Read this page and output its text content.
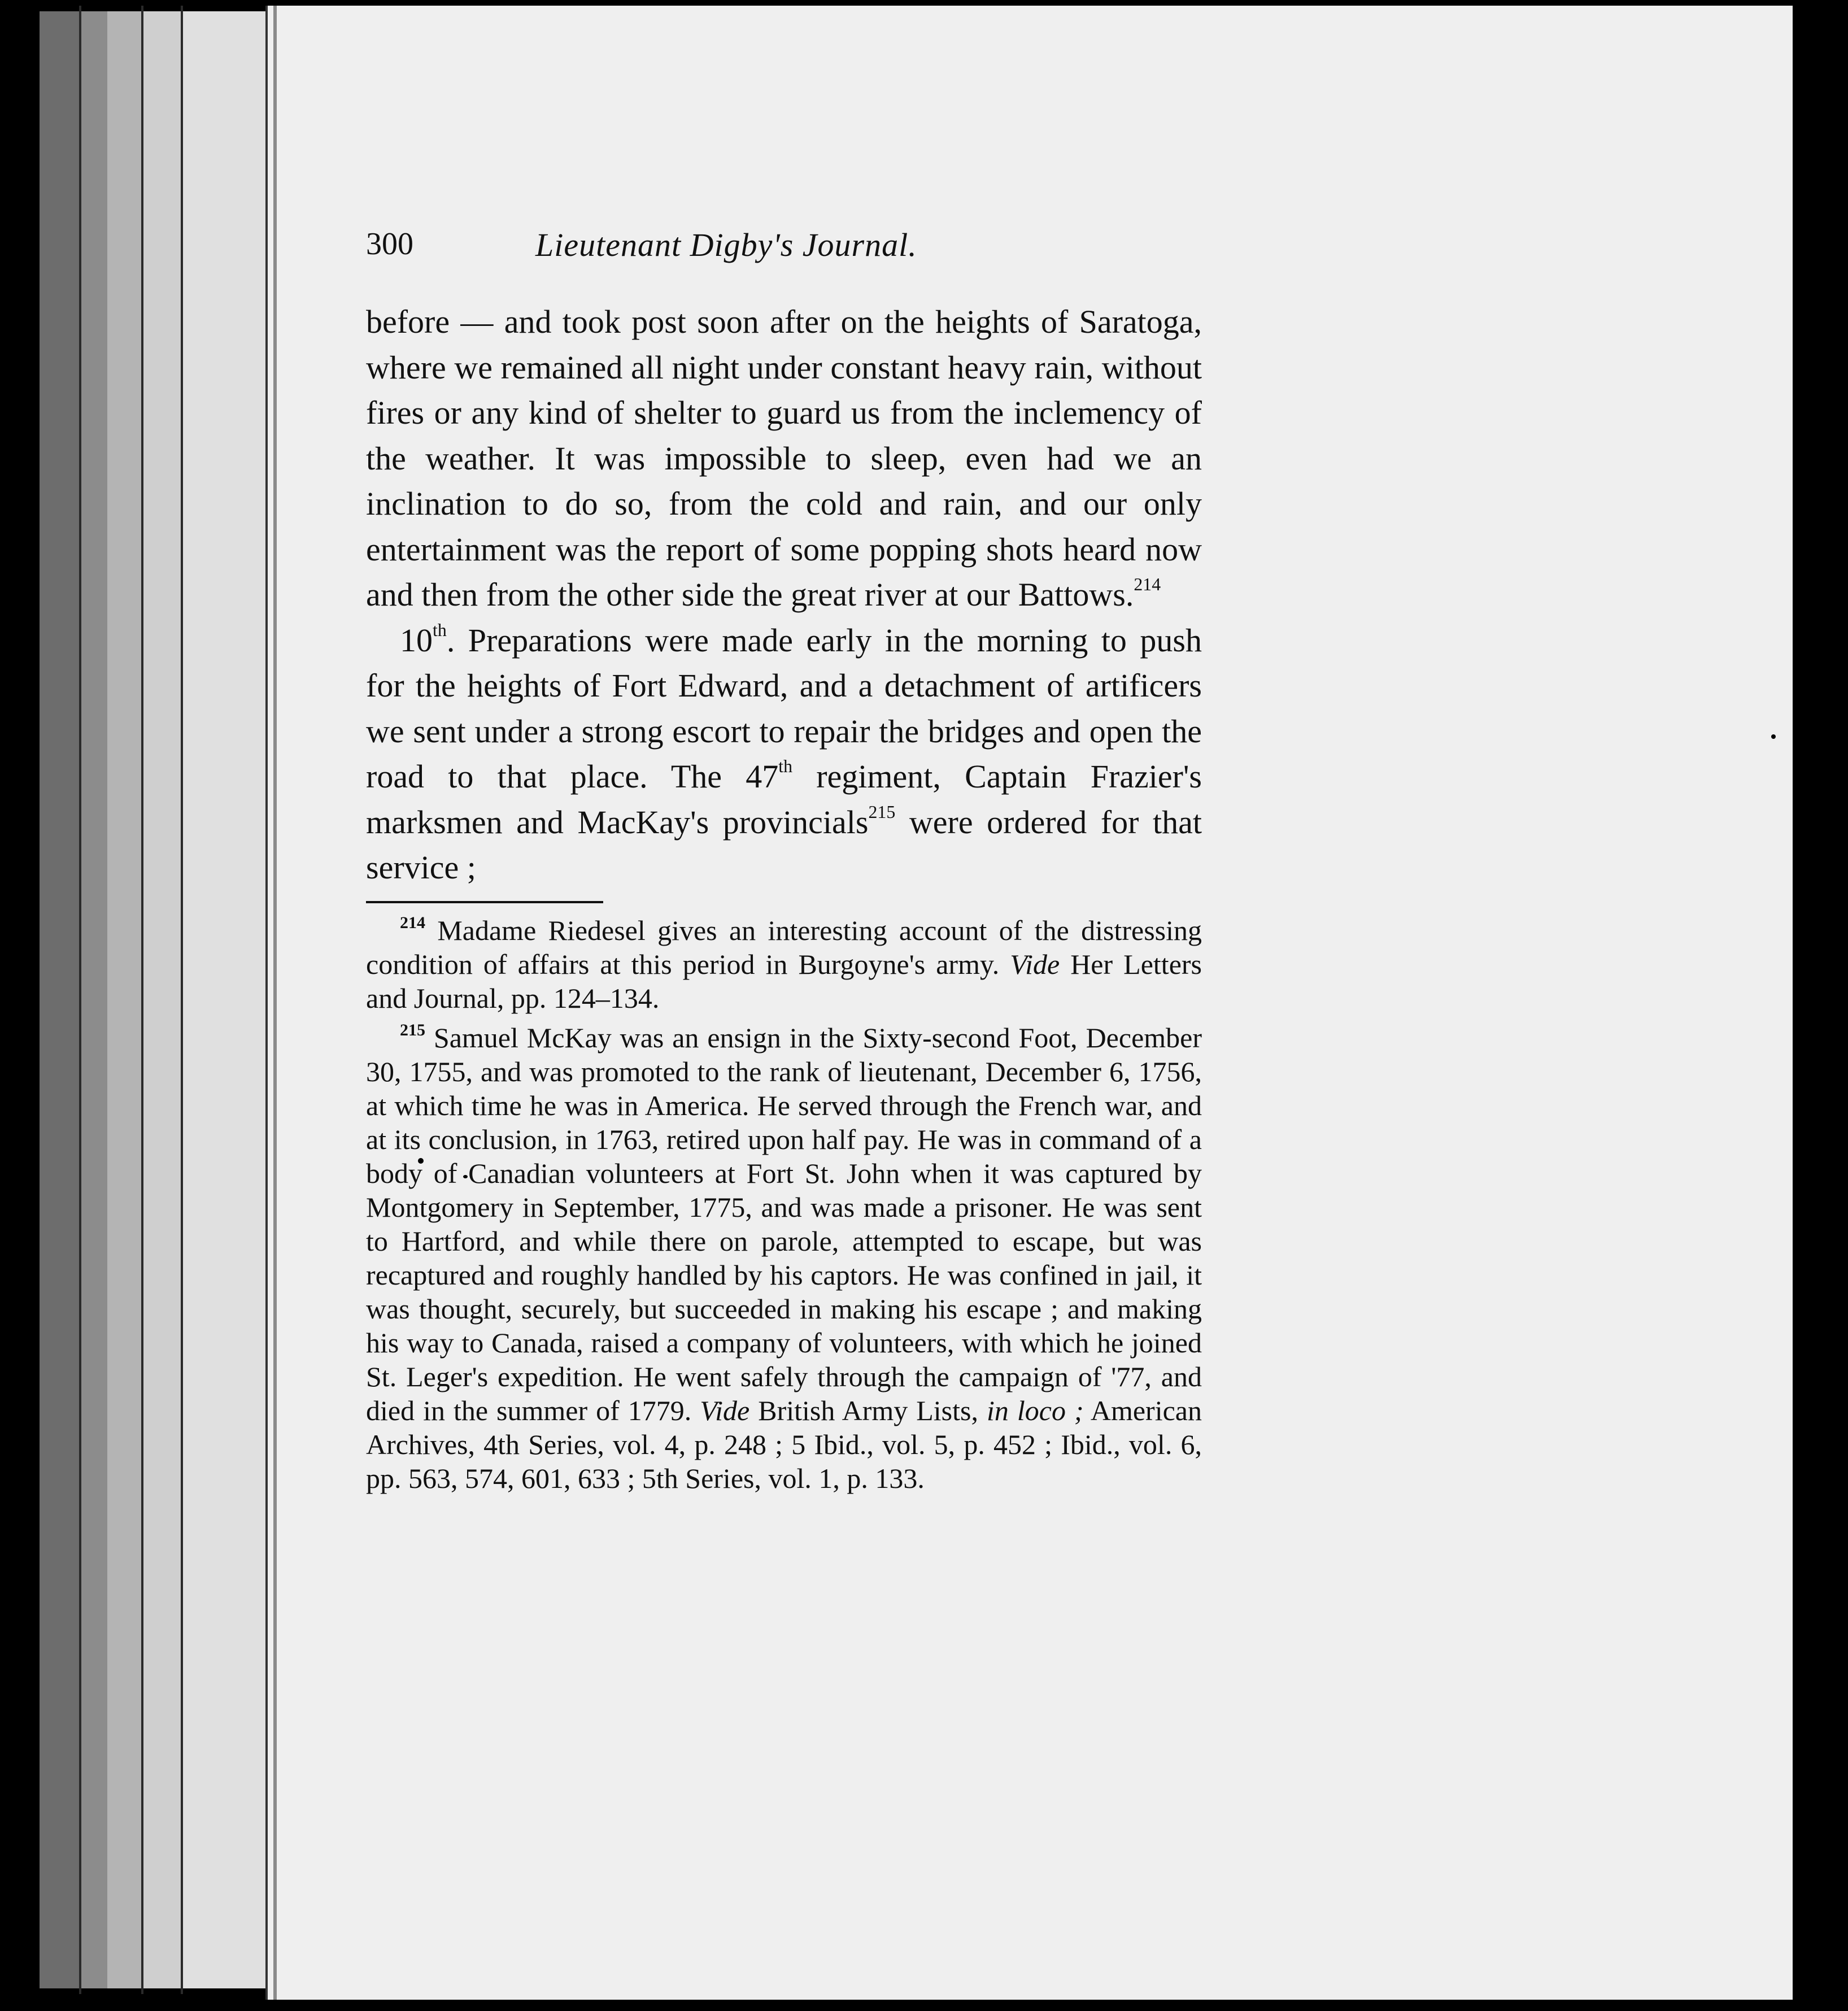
300	Lieutenant Digby's Journal.

before — and took post soon after on the heights of Saratoga, where we remained all night under constant heavy rain, without fires or any kind of shelter to guard us from the inclemency of the weather. It was impossible to sleep, even had we an inclination to do so, from the cold and rain, and our only entertainment was the report of some popping shots heard now and then from the other side the great river at our Battows.$^{214}$

10th. Preparations were made early in the morning to push for the heights of Fort Edward, and a detachment of artificers we sent under a strong escort to repair the bridges and open the road to that place. The 47th regiment, Captain Frazier's marksmen and MacKay's provincials$^{215}$ were ordered for that service ;

$^{214}$ Madame Riedesel gives an interesting account of the distressing condition of affairs at this period in Burgoyne's army. Vide Her Letters and Journal, pp. 124–134.

$^{215}$ Samuel McKay was an ensign in the Sixty-second Foot, December 30, 1755, and was promoted to the rank of lieutenant, December 6, 1756, at which time he was in America. He served through the French war, and at its conclusion, in 1763, retired upon half pay. He was in command of a body of Canadian volunteers at Fort St. John when it was captured by Montgomery in September, 1775, and was made a prisoner. He was sent to Hartford, and while there on parole, attempted to escape, but was recaptured and roughly handled by his captors. He was confined in jail, it was thought, securely, but succeeded in making his escape ; and making his way to Canada, raised a company of volunteers, with which he joined St. Leger's expedition. He went safely through the campaign of '77, and died in the summer of 1779. Vide British Army Lists, in loco ; American Archives, 4th Series, vol. 4, p. 248 ; 5 Ibid., vol. 5, p. 452 ; Ibid., vol. 6, pp. 563, 574, 601, 633 ; 5th Series, vol. 1, p. 133.
